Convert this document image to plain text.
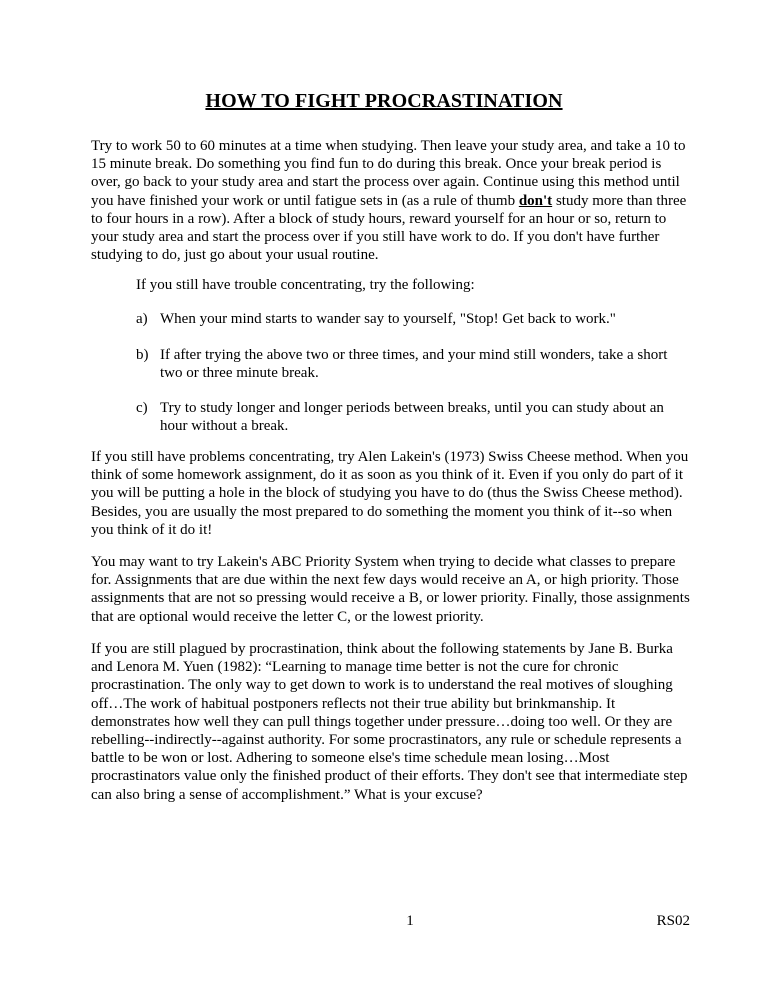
HOW TO FIGHT PROCRASTINATION

Try to work 50 to 60 minutes at a time when studying. Then leave your study area, and take a 10 to 15 minute break. Do something you find fun to do during this break. Once your break period is over, go back to your study area and start the process over again. Continue using this method until you have finished your work or until fatigue sets in (as a rule of thumb don't study more than three to four hours in a row). After a block of study hours, reward yourself for an hour or so, return to your study area and start the process over if you still have work to do. If you don't have further studying to do, just go about your usual routine.

If you still have trouble concentrating, try the following:

a) When your mind starts to wander say to yourself, "Stop! Get back to work."
b) If after trying the above two or three times, and your mind still wonders, take a short two or three minute break.
c) Try to study longer and longer periods between breaks, until you can study about an hour without a break.

If you still have problems concentrating, try Alen Lakein's (1973) Swiss Cheese method. When you think of some homework assignment, do it as soon as you think of it. Even if you only do part of it you will be putting a hole in the block of studying you have to do (thus the Swiss Cheese method). Besides, you are usually the most prepared to do something the moment you think of it--so when you think of it do it!

You may want to try Lakein's ABC Priority System when trying to decide what classes to prepare for. Assignments that are due within the next few days would receive an A, or high priority. Those assignments that are not so pressing would receive a B, or lower priority. Finally, those assignments that are optional would receive the letter C, or the lowest priority.

If you are still plagued by procrastination, think about the following statements by Jane B. Burka and Lenora M. Yuen (1982): “Learning to manage time better is not the cure for chronic procrastination. The only way to get down to work is to understand the real motives of sloughing off…The work of habitual postponers reflects not their true ability but brinkmanship. It demonstrates how well they can pull things together under pressure…doing too well. Or they are rebelling--indirectly--against authority. For some procrastinators, any rule or schedule represents a battle to be won or lost. Adhering to someone else's time schedule mean losing…Most procrastinators value only the finished product of their efforts. They don't see that intermediate step can also bring a sense of accomplishment.” What is your excuse?

1	RS02
